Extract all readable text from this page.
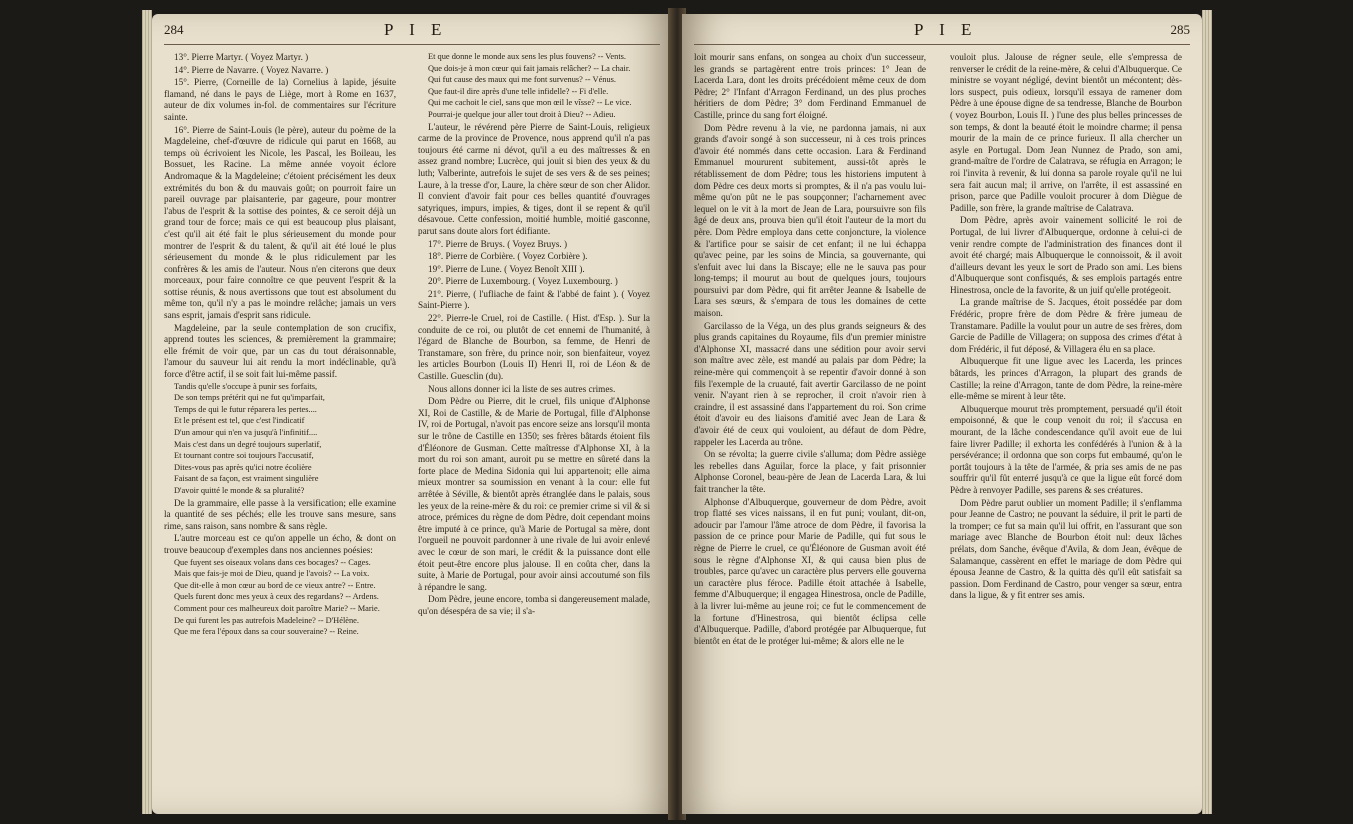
284	P I E

13°. Pierre Martyr. ( Voyez Martyr. )

14°. Pierre de Navarre. ( Voyez Navarre. )

15°. Pierre, (Corneille de la) Cornelius à lapide, jésuite flamand, né dans le pays de Liège, mort à Rome en 1637, auteur de dix volumes in-fol. de commentaires sur l'écriture sainte.

16°. Pierre de Saint-Louis (le père), auteur du poème de la Magdeleine, chef-d'œuvre de ridicule qui parut en 1668, au temps où écrivoient les Nicole, les Pascal, les Boileau, les Bossuet, les Racine. La même année voyoit éclore Andromaque & la Magdeleine; c'étoient précisément les deux extrémités du bon & du mauvais goût; on pourroit faire un pareil ouvrage par plaisanterie, par gageure, pour montrer l'abus de l'esprit & la sottise des pointes, & ce seroit déjà un grand tour de force; mais ce qui est beaucoup plus plaisant, c'est qu'il ait été fait le plus sérieusement du monde pour montrer de l'esprit & du talent, & qu'il ait été loué le plus sérieusement du monde & le plus ridiculement par les confrères & les amis de l'auteur. Nous n'en citerons que deux morceaux, pour faire connoître ce que peuvent l'esprit & la sottise réunis, & nous avertissons que tout est absolument du même ton, qu'il n'y a pas le moindre relâche; jamais un vers sans esprit, jamais d'esprit sans ridicule.

Magdeleine, par la seule contemplation de son crucifix, apprend toutes les sciences, & premièrement la grammaire; elle frémit de voir que, par un cas du tout déraisonnable, l'amour du sauveur lui ait rendu la mort indéclinable, qu'à force d'être actif, il se soit fait lui-même passif.

Tandis qu'elle s'occupe à punir ses forfaits,

De son temps prétérit qui ne fut qu'imparfait,

Temps de qui le futur réparera les pertes....

Et le présent est tel, que c'est l'indicatif

D'un amour qui n'en va jusqu'à l'infinitif....

Mais c'est dans un degré toujours superlatif,

Et tournant contre soi toujours l'accusatif,

Dites-vous pas après qu'ici notre écolière

Faisant de sa façon, est vraiment singulière

D'avoir quitté le monde & sa pluralité?

De la grammaire, elle passe à la versification; elle examine la quantité de ses péchés; elle les trouve sans mesure, sans rime, sans raison, sans nombre & sans règle.

L'autre morceau est ce qu'on appelle un écho, & dont on trouve beaucoup d'exemples dans nos anciennes poésies:

Que fuyent ses oiseaux volans dans ces bocages? -- Cages.

Mais que fais-je moi de Dieu, quand je l'avois? -- La voix.

Que dit-elle à mon cœur au bord de ce vieux antre? -- Entre.

Quels furent donc mes yeux à ceux des regardans? -- Ardens.

Comment pour ces malheureux doit paroître Marie? -- Marie.

De qui furent les pas autrefois Madeleine? -- D'Hélène.

Que me fera l'époux dans sa cour souveraine? -- Reine.

Et que donne le monde aux sens les plus fouvens? -- Vents.

Que dois-je à mon cœur qui fait jamais relâcher? -- La chair.

Qui fut cause des maux qui me font survenus? -- Vénus.

Que faut-il dire après d'une telle infidelle? -- Fi d'elle.

Qui me cachoit le ciel, sans que mon œil le vîsse? -- Le vice.

Pourrai-je quelque jour aller tout droit à Dieu? -- Adieu.

L'auteur, le révérend père Pierre de Saint-Louis, religieux carme de la province de Provence, nous apprend qu'il n'a pas toujours été carme ni dévot, qu'il a eu des maîtresses & en assez grand nombre; Lucrèce, qui jouit si bien des yeux & du luth; Valberinte, autrefois le sujet de ses vers & de ses peines; Laure, à la tresse d'or, Laure, la chère sœur de son cher Alidor. Il convient d'avoir fait pour ces belles quantité d'ouvrages satyriques, impurs, impies, & tiges, dont il se repent & qu'il désavoue. Cette confession, moitié humble, moitié gasconne, parut sans doute alors fort édifiante.

17°. Pierre de Bruys. ( Voyez Bruys. )

18°. Pierre de Corbière. ( Voyez Corbière ).

19°. Pierre de Lune. ( Voyez Benoît XIII ).

20°. Pierre de Luxembourg. ( Voyez Luxembourg. )

21°. Pierre, ( l'ufliache de faint & l'abbé de faint ). ( Voyez Saint-Pierre ).

22°. Pierre-le Cruel, roi de Castille. ( Hist. d'Esp. ). Sur la conduite de ce roi, ou plutôt de cet ennemi de l'humanité, à l'égard de Blanche de Bourbon, sa femme, de Henri de Transtamare, son frère, du prince noir, son bienfaiteur, voyez les articles Bourbon (Louis II) Henri II, roi de Léon & de Castille. Guesclin (du).

Nous allons donner ici la liste de ses autres crimes.

Dom Pèdre ou Pierre, dit le cruel, fils unique d'Alphonse XI, Roi de Castille, & de Marie de Portugal, fille d'Alphonse IV, roi de Portugal, n'avoit pas encore seize ans lorsqu'il monta sur le trône de Castille en 1350; ses frères bâtards étoient fils d'Éléonore de Gusman. Cette maîtresse d'Alphonse XI, à la mort du roi son amant, auroit pu se mettre en sûreté dans la forte place de Medina Sidonia qui lui appartenoit; elle aima mieux montrer sa soumission en venant à la cour: elle fut arrêtée à Séville, & bientôt après étranglée dans le palais, sous les yeux de la reine-mère & du roi: ce premier crime si vil & si atroce, prémices du règne de dom Pèdre, doit cependant moins être imputé à ce prince, qu'à Marie de Portugal sa mère, dont l'orgueil ne pouvoit pardonner à une rivale de lui avoir enlevé avec le cœur de son mari, le crédit & la puissance dont elle étoit peut-être encore plus jalouse. Il en coûta cher, dans la suite, à Marie de Portugal, pour avoir ainsi accoutumé son fils à répandre le sang.

Dom Pèdre, jeune encore, tomba si dangereusement malade, qu'on désespéra de sa vie; il s'a-

P I E	285

loit mourir sans enfans, on songea au choix d'un successeur, les grands se partagèrent entre trois princes: 1° Jean de Lacerda Lara, dont les droits précédoient même ceux de dom Pèdre; 2° l'Infant d'Arragon Ferdinand, un des plus proches héritiers de dom Pèdre; 3° dom Ferdinand Emmanuel de Castille, prince du sang fort éloigné.

Dom Pèdre revenu à la vie, ne pardonna jamais, ni aux grands d'avoir songé à son successeur, ni à ces trois princes d'avoir été nommés dans cette occasion. Lara & Ferdinand Emmanuel moururent subitement, aussi-tôt après le rétablissement de dom Pèdre; tous les historiens imputent à dom Pèdre ces deux morts si promptes, & il n'a pas voulu lui-même qu'on pût ne le pas soupçonner; l'acharnement avec lequel on le vit à la mort de Jean de Lara, poursuivre son fils âgé de deux ans, prouva bien qu'il étoit l'auteur de la mort du père. Dom Pèdre employa dans cette conjoncture, la violence & l'artifice pour se saisir de cet enfant; il ne lui échappa qu'avec peine, par les soins de Mincia, sa gouvernante, qui s'enfuit avec lui dans la Biscaye; elle ne le sauva pas pour long-temps; il mourut au bout de quelques jours, toujours poursuivi par dom Pèdre, qui fit arrêter Jeanne & Isabelle de Lara ses sœurs, & s'empara de tous les domaines de cette maison.

Garcilasso de la Véga, un des plus grands seigneurs & des plus grands capitaines du Royaume, fils d'un premier ministre d'Alphonse XI, massacré dans une sédition pour avoir servi son maître avec zèle, est mandé au palais par dom Pèdre; la reine-mère qui commençoit à se repentir d'avoir donné à son fils l'exemple de la cruauté, fait avertir Garcilasso de ne point venir. N'ayant rien à se reprocher, il croit n'avoir rien à craindre, il est assassiné dans l'appartement du roi. Son crime étoit d'avoir eu des liaisons d'amitié avec Jean de Lara & d'avoir été de ceux qui vouloient, au défaut de dom Pèdre, rappeler les Lacerda au trône.

On se révolta; la guerre civile s'alluma; dom Pèdre assiège les rebelles dans Aguilar, force la place, y fait prisonnier Alphonse Coronel, beau-père de Jean de Lacerda Lara, & lui fait trancher la tête.

Alphonse d'Albuquerque, gouverneur de dom Pèdre, avoit trop flatté ses vices naissans, il en fut puni; voulant, dit-on, adoucir par l'amour l'âme atroce de dom Pèdre, il favorisa la passion de ce prince pour Marie de Padille, qui fut sous le règne de Pierre le cruel, ce qu'Éléonore de Gusman avoit été sous le règne d'Alphonse XI, & qui causa bien plus de troubles, parce qu'avec un caractère plus pervers elle gouverna un caractère plus féroce. Padille étoit attachée à Isabelle, femme d'Albuquerque; il engagea Hinestrosa, oncle de Padille, à la livrer lui-même au jeune roi; ce fut le commencement de la fortune d'Hinestrosa, qui bientôt éclipsa celle d'Albuquerque. Padille, d'abord protégée par Albuquerque, fut bientôt en état de le protéger lui-même; & alors elle ne le

vouloit plus. Jalouse de régner seule, elle s'empressa de renverser le crédit de la reine-mère, & celui d'Albuquerque. Ce ministre se voyant négligé, devint bientôt un mécontent; dès-lors suspect, puis odieux, lorsqu'il essaya de ramener dom Pèdre à une épouse digne de sa tendresse, Blanche de Bourbon ( voyez Bourbon, Louis II. ) l'une des plus belles princesses de son temps, & dont la beauté étoit le moindre charme; il pensa mourir de la main de ce prince furieux. Il alla chercher un asyle en Portugal. Dom Jean Nunnez de Prado, son ami, grand-maître de l'ordre de Calatrava, se réfugia en Arragon; le roi l'invita à revenir, & lui donna sa parole royale qu'il ne lui sera fait aucun mal; il arrive, on l'arrête, il est assassiné en prison, parce que Padille vouloit procurer à dom Diègue de Padille, son frère, la grande maîtrise de Calatrava.

Dom Pèdre, après avoir vainement sollicité le roi de Portugal, de lui livrer d'Albuquerque, ordonne à celui-ci de venir rendre compte de l'administration des finances dont il avoit été chargé; mais Albuquerque le connoissoit, & il avoit d'ailleurs devant les yeux le sort de Prado son ami. Les biens d'Albuquerque sont confisqués, & ses emplois partagés entre Hinestrosa, oncle de la favorite, & un juif qu'elle protégeoit.

La grande maîtrise de S. Jacques, étoit possédée par dom Frédéric, propre frère de dom Pèdre & frère jumeau de Transtamare. Padille la voulut pour un autre de ses frères, dom Garcie de Padille de Villagera; on supposa des crimes d'état à dom Frédéric, il fut déposé, & Villagera élu en sa place.

Albuquerque fit une ligue avec les Lacerda, les princes bâtards, les princes d'Arragon, la plupart des grands de Castille; la reine d'Arragon, tante de dom Pèdre, la reine-mère elle-même se mirent à leur tête.

Albuquerque mourut très promptement, persuadé qu'il étoit empoisonné, & que le coup venoit du roi; il s'accusa en mourant, de la lâche condescendance qu'il avoit eue de lui faire livrer Padille; il exhorta les confédérés à l'union & à la persévérance; il ordonna que son corps fut embaumé, qu'on le portât toujours à la tête de l'armée, & pria ses amis de ne pas souffrir qu'il fût enterré jusqu'à ce que la ligue eût forcé dom Pèdre à renvoyer Padille, ses parens & ses créatures.

Dom Pèdre parut oublier un moment Padille; il s'enflamma pour Jeanne de Castro; ne pouvant la séduire, il prit le parti de la tromper; ce fut sa main qu'il lui offrit, en l'assurant que son mariage avec Blanche de Bourbon étoit nul: deux lâches prélats, dom Sanche, évêque d'Avila, & dom Jean, évêque de Salamanque, cassèrent en effet le mariage de dom Pèdre qui épousa Jeanne de Castro, & la quitta dès qu'il eût satisfait sa passion. Dom Ferdinand de Castro, pour venger sa sœur, entra dans la ligue, & y fit entrer ses amis.
